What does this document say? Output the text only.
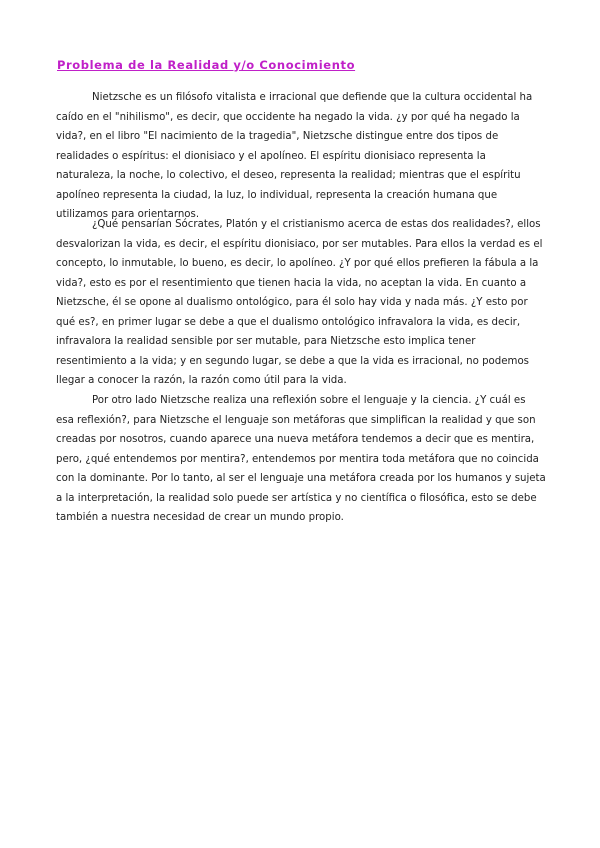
Problema de la Realidad y/o Conocimiento

Nietzsche es un filósofo vitalista e irracional que defiende que la cultura occidental ha caído en el "nihilismo", es decir, que occidente ha negado la vida. ¿y por qué ha negado la vida?, en el libro "El nacimiento de la tragedia", Nietzsche distingue entre dos tipos de realidades o espíritus: el dionisiaco y el apolíneo. El espíritu dionisiaco representa la naturaleza, la noche, lo colectivo, el deseo, representa la realidad; mientras que el espíritu apolíneo representa la ciudad, la luz, lo individual, representa la creación humana que utilizamos para orientarnos.

¿Qué pensarían Sócrates, Platón y el cristianismo acerca de estas dos realidades?, ellos desvalorizan la vida, es decir, el espíritu dionisiaco, por ser mutables. Para ellos la verdad es el concepto, lo inmutable, lo bueno, es decir, lo apolíneo. ¿Y por qué ellos prefieren la fábula a la vida?, esto es por el resentimiento que tienen hacia la vida, no aceptan la vida. En cuanto a Nietzsche, él se opone al dualismo ontológico, para él solo hay vida y nada más. ¿Y esto por qué es?, en primer lugar se debe a que el dualismo ontológico infravalora la vida, es decir, infravalora la realidad sensible por ser mutable, para Nietzsche esto implica tener resentimiento a la vida; y en segundo lugar, se debe a que la vida es irracional, no podemos llegar a conocer la razón, la razón como útil para la vida.

Por otro lado Nietzsche realiza una reflexión sobre el lenguaje y la ciencia. ¿Y cuál es esa reflexión?, para Nietzsche el lenguaje son metáforas que simplifican la realidad y que son creadas por nosotros, cuando aparece una nueva metáfora tendemos a decir que es mentira, pero, ¿qué entendemos por mentira?, entendemos por mentira toda metáfora que no coincida con la dominante. Por lo tanto, al ser el lenguaje una metáfora creada por los humanos y sujeta a la interpretación, la realidad solo puede ser artística y no científica o filosófica, esto se debe también a nuestra necesidad de crear un mundo propio.
